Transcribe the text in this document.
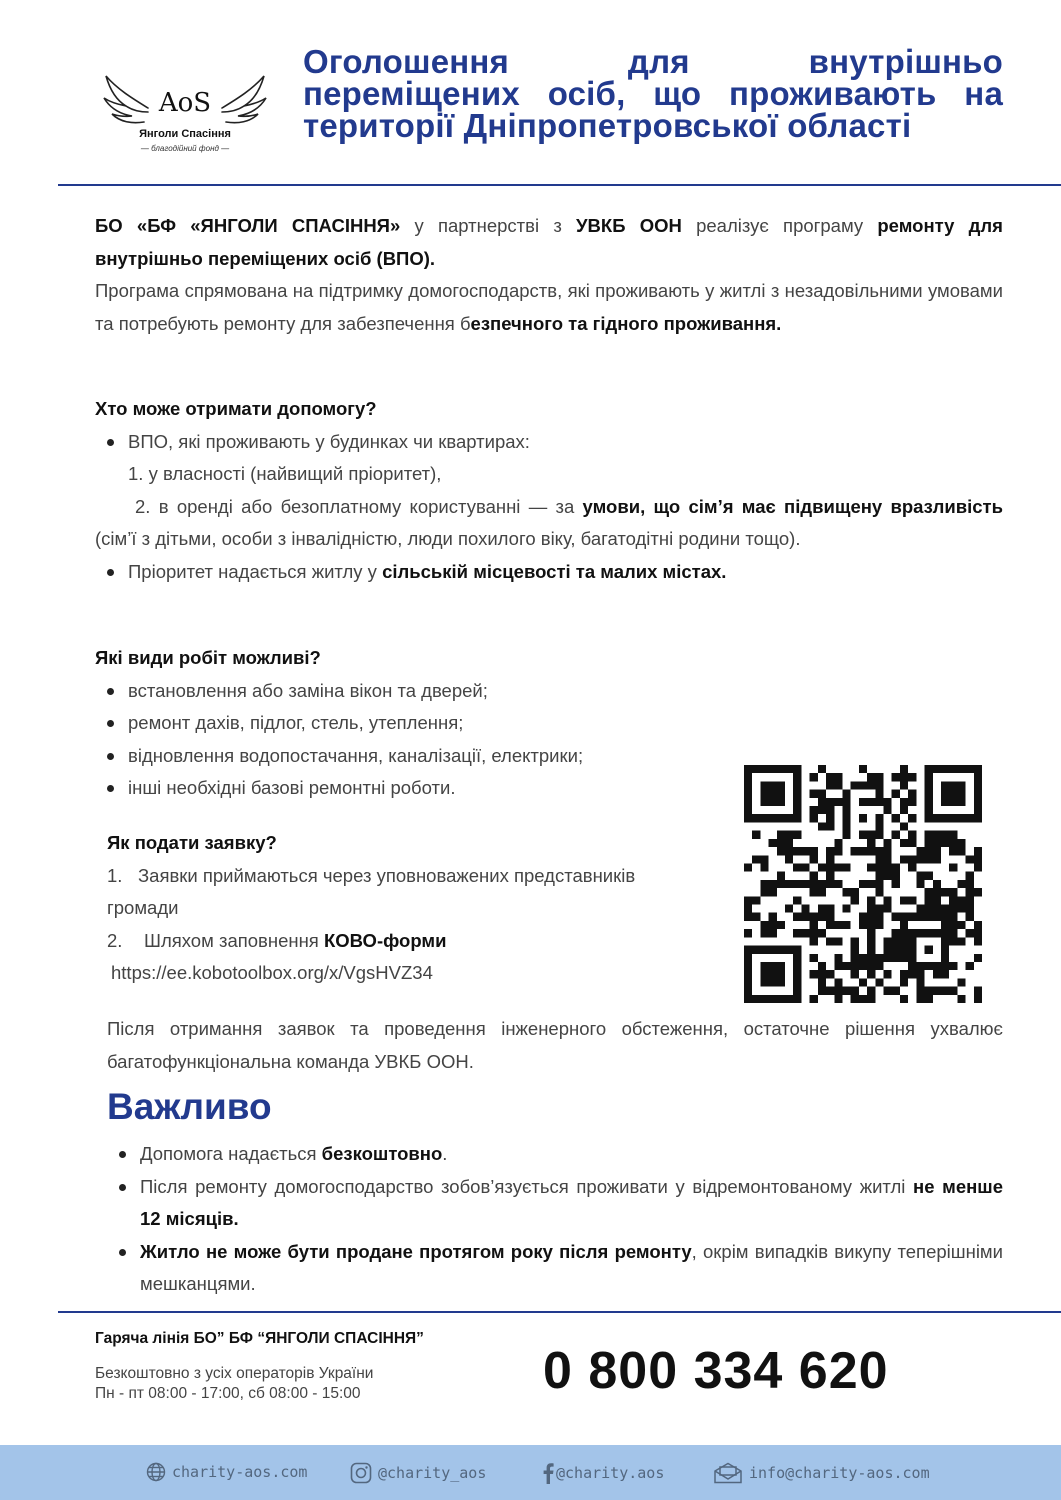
AoS
Янголи Спасіння
— благодійний фонд —
Оголошення для внутрішньо переміщених осіб, що проживають на території Дніпропетровської області
БО «БФ «ЯНГОЛИ СПАСІННЯ» у партнерстві з УВКБ ООН реалізує програму ремонту для внутрішньо переміщених осіб (ВПО).
Програма спрямована на підтримку домогосподарств, які проживають у житлі з незадовільними умовами та потребують ремонту для забезпечення безпечного та гідного проживання.
Хто може отримати допомогу?
ВПО, які проживають у будинках чи квартирах:
1. у власності (найвищий пріоритет),
2. в оренді або безоплатному користуванні — за умови, що сім’я має підвищену вразливість (сім’ї з дітьми, особи з інвалідністю, люди похилого віку, багатодітні родини тощо).
Пріоритет надається житлу у сільській місцевості та малих містах.
Які види робіт можливі?
встановлення або заміна вікон та дверей;
ремонт дахів, підлог, стель, утеплення;
відновлення водопостачання, каналізації, електрики;
інші необхідні базові ремонтні роботи.
Як подати заявку?
1. Заявки приймаються через уповноважених представників громади
2. Шляхом заповнення КОВО-форми
https://ee.kobotoolbox.org/x/VgsHVZ34
Після отримання заявок та проведення інженерного обстеження, остаточне рішення ухвалює багатофункціональна команда УВКБ ООН.
Важливо
Допомога надається безкоштовно.
Після ремонту домогосподарство зобов’язується проживати у відремонтованому житлі не менше 12 місяців.
Житло не може бути продане протягом року після ремонту, окрім випадків викупу теперішніми мешканцями.
Гаряча лінія БО” БФ “ЯНГОЛИ СПАСІННЯ”
Безкоштовно з усіх операторів України
Пн - пт 08:00 - 17:00, сб 08:00 - 15:00	0 800 334 620
charity-aos.com	@charity_aos	@charity.aos	info@charity-aos.com
